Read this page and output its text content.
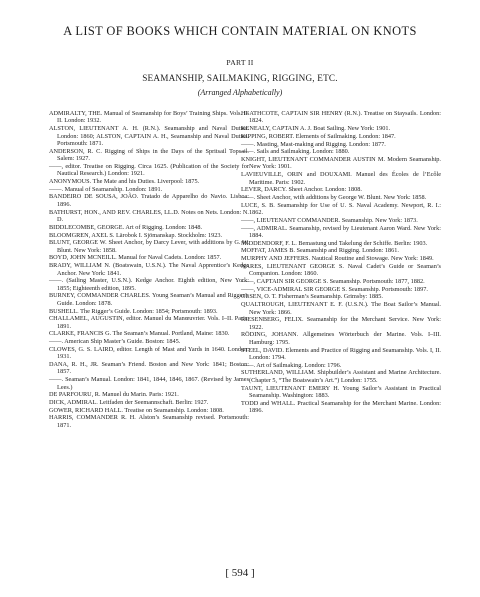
A LIST OF BOOKS WHICH CONTAIN MATERIAL ON KNOTS
PART II
SEAMANSHIP, SAILMAKING, RIGGING, ETC.
(Arranged Alphabetically)

ADMIRALTY, THE. Manual of Seamanship for Boys’ Training Ships. Vols. I–II. London: 1932.

ALSTON, LIEUTENANT A. H. (R.N.). Seamanship and Naval Duties. London: 1860; ALSTON, CAPTAIN A. H., Seamanship and Naval Duties. Portsmouth: 1871.

ANDERSON, R. C. Rigging of Ships in the Days of the Spritsail Topsail. Salem: 1927.

——, editor. Treatise on Rigging. Circa 1625. (Publication of the Society for Nautical Research.) London: 1921.

ANONYMOUS. The Mate and his Duties. Liverpool: 1875.

——. Manual of Seamanship. London: 1891.

BANDEIRO DE SOUSA, JOÃO. Tratado de Apparelho do Navio. Lisboa: 1896.

BATHURST, HON., AND REV. CHARLES, LL.D. Notes on Nets. London: N. D.

BIDDLECOMBE, GEORGE. Art of Rigging. London: 1848.

BLOOMGREN, AXEL S. Lärobok I. Sjömanskap. Stockholm: 1923.

BLUNT, GEORGE W. Sheet Anchor, by Darcy Lever, with additions by G. W. Blunt. New York: 1858.

BOYD, JOHN MCNEILL. Manual for Naval Cadets. London: 1857.

BRADY, WILLIAM N. (Boatswain, U.S.N.). The Naval Apprentice’s Kedge Anchor. New York: 1841.

——. (Sailing Master, U.S.N.). Kedge Anchor. Eighth edition, New York: 1855; Eighteenth edition, 1895.

BURNEY, COMMANDER CHARLES. Young Seaman’s Manual and Rigger’s Guide. London: 1878.

BUSHELL. The Rigger’s Guide. London: 1854; Portsmouth: 1893.

CHALLAMEL, AUGUSTIN, editor. Manuel du Manœuvrier. Vols. I–II. Paris: 1891.

CLARKE, FRANCIS G. The Seaman’s Manual. Portland, Maine: 1830.

——. American Ship Master’s Guide. Boston: 1845.

CLOWES, G. S. LAIRD, editor. Length of Mast and Yards in 1640. London: 1931.

DANA, R. H., JR. Seaman’s Friend. Boston and New York: 1841; Boston: 1857.

——. Seaman’s Manual. London: 1841, 1844, 1846, 1867. (Revised by James Lees.)

DE PARFOURU, R. Manuel du Marin. Paris: 1921.

DICK, ADMIRAL. Leitfaden der Seemannschaft. Berlin: 1927.

GOWER, RICHARD HALL. Treatise on Seamanship. London: 1808.

HARRIS, COMMANDER R. H. Alston’s Seamanship revised. Portsmouth: 1871.

HEATHCOTE, CAPTAIN SIR HENRY (R.N.). Treatise on Staysails. London: 1824.

KENEALY, CAPTAIN A. J. Boat Sailing. New York: 1901.

KIPPING, ROBERT. Elements of Sailmaking. London: 1847.

——. Masting, Mast-making and Rigging. London: 1877.

——. Sails and Sailmaking. London: 1880.

KNIGHT, LIEUTENANT COMMANDER AUSTIN M. Modern Seamanship. New York: 1901.

LAVIEUVILLE, ORIN and DOUXAMI. Manuel des Écoles de l’Ecôle Maritime. Paris: 1902.

LEVER, DARCY. Sheet Anchor. London: 1808.

——. Sheet Anchor, with additions by George W. Blunt. New York: 1858.

LUCE, S. B. Seamanship for Use of U. S. Naval Academy. Newport, R. I.: 1862.

——, LIEUTENANT COMMANDER. Seamanship. New York: 1873.

——, ADMIRAL. Seamanship, revised by Lieutenant Aaron Ward. New York: 1884.

MIDDENDORF, F. L. Bemastung und Takelung der Schiffe. Berlin: 1903.

MOFFAT, JAMES B. Seamanship and Rigging. London: 1861.

MURPHY AND JEFFERS. Nautical Routine and Stowage. New York: 1849.

NARES, LIEUTENANT GEORGE S. Naval Cadet’s Guide or Seaman’s Companion. London: 1860.

——, CAPTAIN SIR GEORGE S. Seamanship. Portsmouth: 1877, 1882.

——, VICE-ADMIRAL SIR GEORGE S. Seamanship. Portsmouth: 1897.

OLSEN, O. T. Fisherman’s Seamanship. Grimsby: 1885.

QUALTROUGH, LIEUTENANT E. F. (U.S.N.). The Boat Sailor’s Manual. New York: 1866.

RIESENBERG, FELIX. Seamanship for the Merchant Service. New York: 1922.

RÖDING, JOHANN. Allgemeines Wörterbuch der Marine. Vols. I–III. Hamburg: 1795.

STEEL, DAVID. Elements and Practice of Rigging and Seamanship. Vols. I, II. London: 1794.

——. Art of Sailmaking. London: 1796.

SUTHERLAND, WILLIAM. Shipbuilder’s Assistant and Marine Architecture. (Chapter 5, “The Boatswain’s Art.”) London: 1755.

TAUNT, LIEUTENANT EMERY H. Young Sailor’s Assistant in Practical Seamanship. Washington: 1883.

TODD and WHALL. Practical Seamanship for the Merchant Marine. London: 1896.

[ 594 ]
